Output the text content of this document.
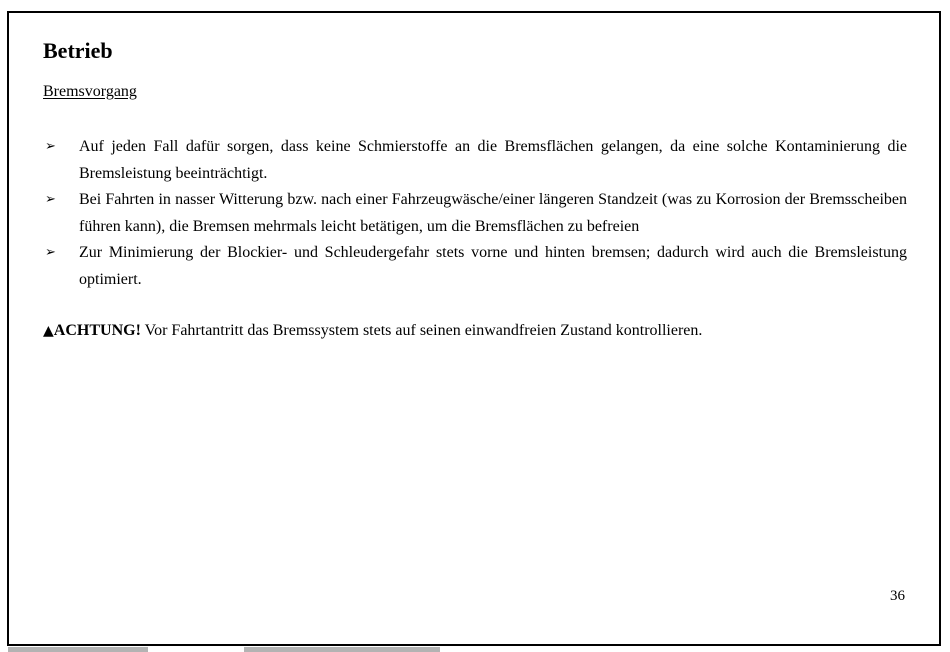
Betrieb

Bremsvorgang

➢ Auf jeden Fall dafür sorgen, dass keine Schmierstoffe an die Bremsflächen gelangen, da eine solche Kontaminierung die Bremsleistung beeinträchtigt.
➢ Bei Fahrten in nasser Witterung bzw. nach einer Fahrzeugwäsche/einer längeren Standzeit (was zu Korrosion der Bremsscheiben führen kann), die Bremsen mehrmals leicht betätigen, um die Bremsflächen zu befreien
➢ Zur Minimierung der Blockier- und Schleudergefahr stets vorne und hinten bremsen; dadurch wird auch die Bremsleistung optimiert.

▲ACHTUNG! Vor Fahrtantritt das Bremssystem stets auf seinen einwandfreien Zustand kontrollieren.

36
